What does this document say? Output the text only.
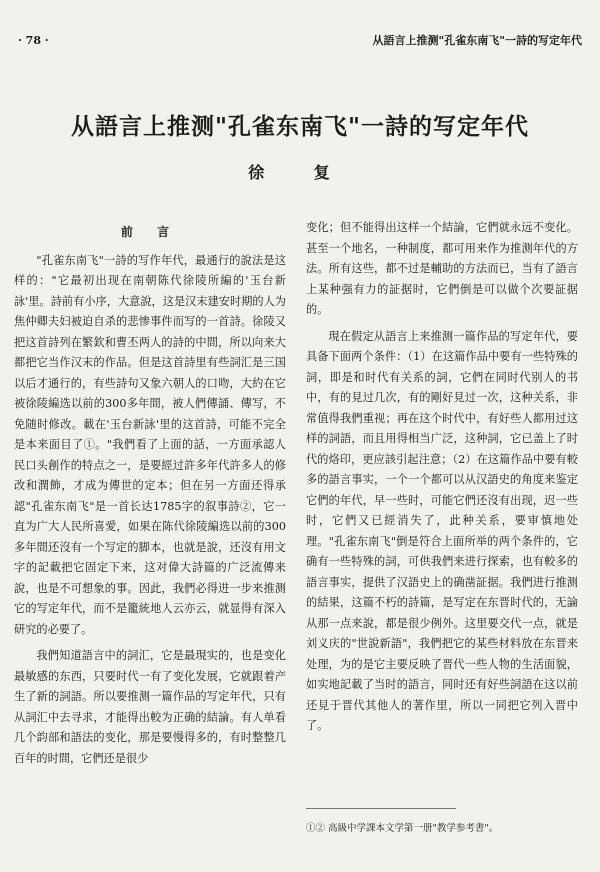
· 78 ·	从語言上推测"孔雀东南飞"一詩的写定年代
从語言上推测"孔雀东南飞"一詩的写定年代
徐 复
前 言

"孔雀东南飞"一詩的写作年代，最通行的說法是这样的："它最初出现在南朝陈代徐陵所編的'玉台新詠'里。詩前有小序，大意說，这是汉末建安时期的人为焦仲卿夫妇被迫自杀的悲惨事件而写的一首詩。徐陵又把这首詩列在繁欽和曹丕两人的詩的中間，所以向来大都把它当作汉末的作品。但是这首詩里有些詞汇是三国以后才通行的，有些詩句又象六朝人的口吻，大約在它被徐陵編选以前的300多年間，被人們傳誦、傳写，不免随时修改。載在'玉台新詠'里的这首詩，可能不完全是本来面目了①。"我們看了上面的話，一方面承認人民口头創作的特点之一，是要經过許多年代許多人的修改和潤飾，才成为傳世的定本；但在另一方面还得承認"孔雀东南飞"是一首长达1785字的叙事詩②，它一直为广大人民所喜愛，如果在陈代徐陵編选以前的300多年間还沒有一个写定的脚本，也就是說，还沒有用文字的記載把它固定下来，这对偉大詩篇的广泛流傳来說，也是不可想象的事。因此，我們必得进一步来推测它的写定年代，而不是籠統地人云亦云，就显得有深入研究的必要了。

我們知道語言中的詞汇，它是最現实的，也是变化最敏感的东西，只要时代一有了变化发展，它就跟着产生了新的詞語。所以要推测一篇作品的写定年代，只有从詞汇中去寻求，才能得出較为正确的結論。有人单看几个韵部和語法的变化，那是要慢得多的，有时整整几百年的时間，它們还是很少

变化；但不能得出这样一个結論，它們就永远不变化。甚至一个地名，一种制度，都可用来作为推测年代的方法。所有这些，都不过是輔助的方法而已，当有了語言上某种强有力的証据时，它們倒是可以做个次要証据的。

現在假定从語言上来推测一篇作品的写定年代，要具备下面两个条件：（1）在这篇作品中要有一些特殊的詞，即是和时代有关系的詞，它們在同时代别人的书中，有的見过几次，有的剛好見过一次，这种关系，非常值得我們重视；再在这个时代中，有好些人都用过这样的詞語，而且用得相当广泛，这种詞，它已盖上了时代的烙印，更应該引起注意；（2）在这篇作品中要有較多的語言事实，一个一个都可以从汉語史的角度来鉴定它們的年代，早一些时，可能它們还沒有出现，迟一些时，它們又已經消失了，此种关系，要审慎地处理。"孔雀东南飞"倒是符合上面所举的两个条件的，它确有一些特殊的詞，可供我們来进行探索，也有較多的語言事实，提供了汉語史上的确凿証据。我們进行推测的結果，这篇不朽的詩篇，是写定在东晋时代的，无論从那一点来說，都是很少例外。这里要交代一点，就是刘义庆的"世說新語"，我們把它的某些材料放在东晋来处理，为的是它主要反映了晋代一些人物的生活面貌，如实地記載了当时的語言，同时还有好些詞語在这以前还見于晋代其他人的著作里，所以一同把它列入晋中了。

①② 高級中学課本文学第一册"教学参考書"。
